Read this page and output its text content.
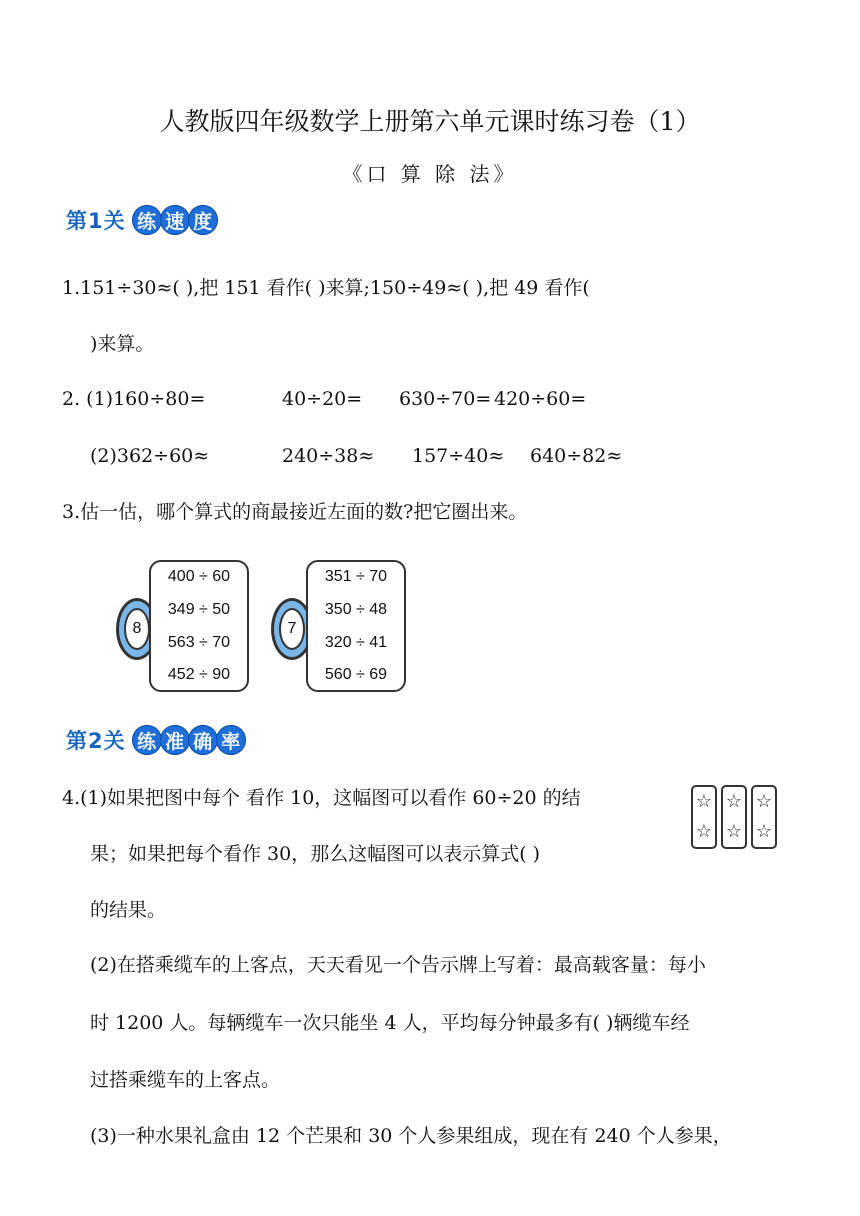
人教版四年级数学上册第六单元课时练习卷（1）
《口 算 除 法》
第1关 练 速 度
1.151÷30≈( ),把 151 看作( )来算;150÷49≈( ),把 49 看作(
)来算。
2. (1)160÷80=	40÷20= 630÷70= 420÷60=
(2)362÷60≈	240÷38≈ 157÷40≈ 640÷82≈
3.估一估，哪个算式的商最接近左面的数?把它圈出来。
8
400 ÷ 60
349 ÷ 50
563 ÷ 70
452 ÷ 90
7
351 ÷ 70
350 ÷ 48
320 ÷ 41
560 ÷ 69
第2关 练 准 确 率
4.(1)如果把图中每个 看作 10，这幅图可以看作 60÷20 的结
果；如果把每个看作 30，那么这幅图可以表示算式( )
的结果。
☆
☆
☆
☆
☆
☆
(2)在搭乘缆车的上客点，天天看见一个告示牌上写着：最高载客量：每小
时 1200 人。每辆缆车一次只能坐 4 人，平均每分钟最多有( )辆缆车经
过搭乘缆车的上客点。
(3)一种水果礼盒由 12 个芒果和 30 个人参果组成，现在有 240 个人参果，
